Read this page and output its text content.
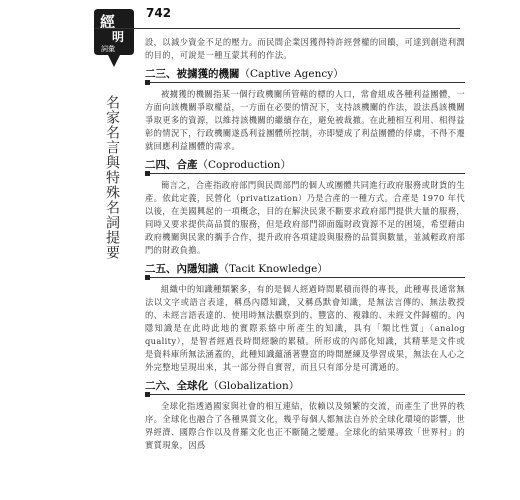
經
明
詞彙
742
名家名言與特殊名詞提要

設，以減少資金不足的壓力。而民間企業因獲得特許經營權的回饋，可達到創造利潤的目的，可說是一種互蒙其利的作法。

二三、被擄獲的機關（Captive Agency）

被擄獲的機關指某一個行政機關所管轄的標的人口，常會組成各種利益團體，一方面向該機關爭取權益，一方面在必要的情況下，支持該機關的作法，設法爲該機關爭取更多的資源，以維持該機關的繼續存在，避免被裁撤。在此種相互利用、相得益彰的情況下，行政機關遂爲利益團體所控制，亦即變成了利益團體的俘虜，不得不遷就回應利益團體的需求。

二四、合產（Coproduction）

簡言之，合產指政府部門與民間部門的個人或團體共同進行政府服務或財貨的生產。依此定義，民營化（privatization）乃是合產的一種方式。合產是 1970 年代以後，在美國興起的一項概念，目的在解決民衆不斷要求政府部門提供大量的服務，同時又要求提供高品質的服務，但是政府部門卻面臨財政資源不足的困境，希望藉由政府機關與民衆的攜手合作，提升政府各項建設與服務的品質與數量，並減輕政府部門的財政負擔。

二五、內隱知識（Tacit Knowledge）

組織中的知識種類繁多，有的是個人經過時間累積而得的專長，此種專長通常無法以文字或語言表達，稱爲內隱知識，又稱爲默會知識，是無法言傳的、無法教授的、未經言語表達的、使用時無法觀察到的、豐富的、複雜的、未經文件歸檔的。內隱知識是在此時此地的實際系絡中所產生的知識，具有「類比性質」（analog quality），是智者經過長時間經驗的累積。所形成的內部化知識，其精華是文件或是資料庫所無法涵蓋的，此種知識蘊涵著豐富的時間歷練及學習成果，無法在人心之外完整地呈現出來，其一部分得自實習，而且只有部分是可溝通的。

二六、全球化（Globalization）

全球化指透過國家與社會的相互連結，依賴以及頻繁的交流，而產生了世界的秩序。全球化也融合了各種異質文化，幾乎每個人都無法自外於全球化環境的影響，世界經濟、國際合作以及普羅文化也正不斷隨之變遷。全球化的結果導致「世界村」的實質現象，因爲
